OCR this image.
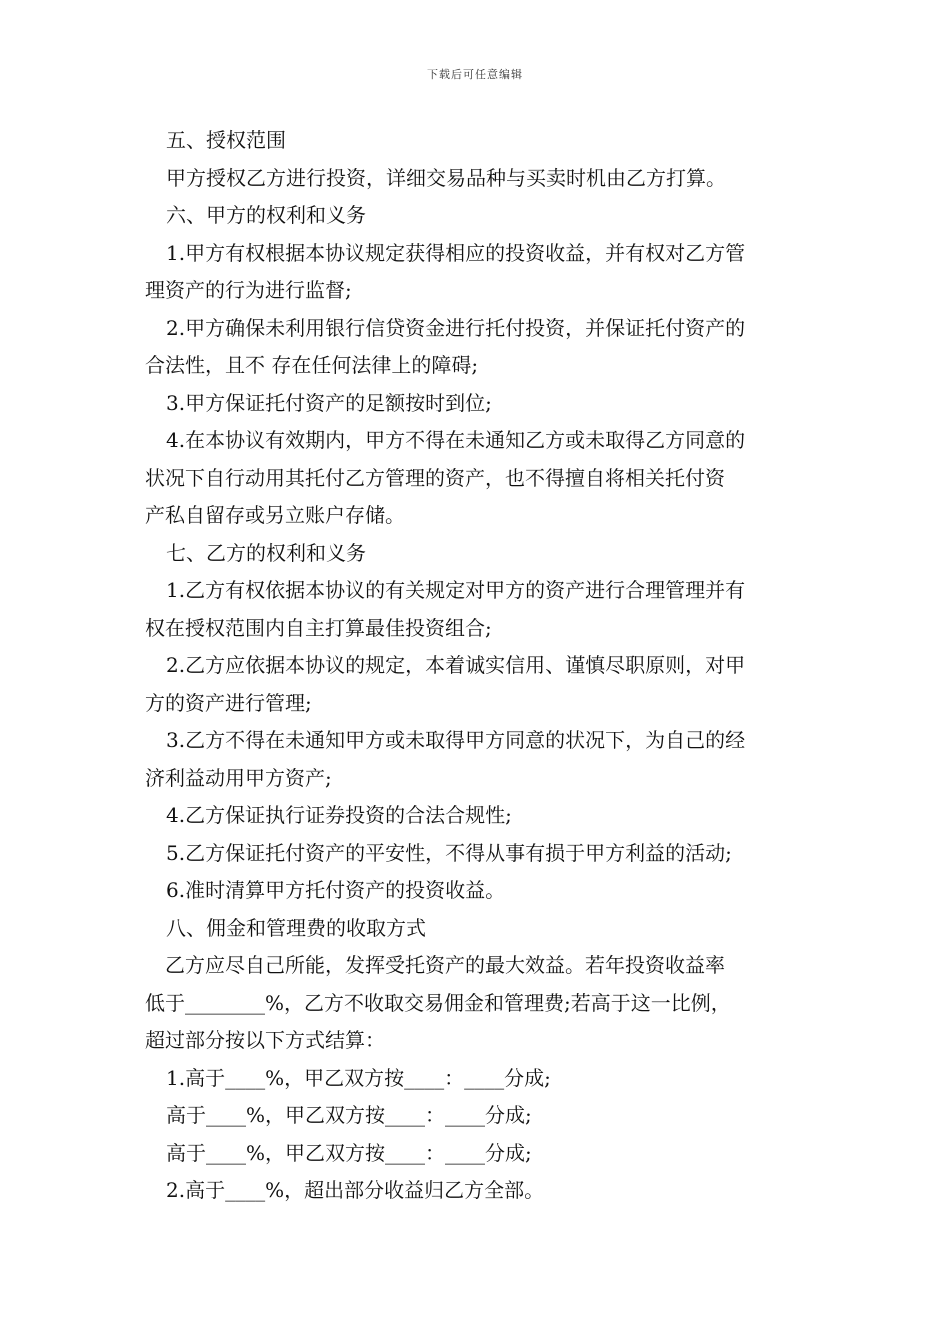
下载后可任意编辑
五、授权范围
甲方授权乙方进行投资，详细交易品种与买卖时机由乙方打算。
六、甲方的权利和义务
1.甲方有权根据本协议规定获得相应的投资收益，并有权对乙方管
理资产的行为进行监督;
2.甲方确保未利用银行信贷资金进行托付投资，并保证托付资产的
合法性，且不 存在任何法律上的障碍;
3.甲方保证托付资产的足额按时到位;
4.在本协议有效期内，甲方不得在未通知乙方或未取得乙方同意的
状况下自行动用其托付乙方管理的资产，也不得擅自将相关托付资
产私自留存或另立账户存储。
七、乙方的权利和义务
1.乙方有权依据本协议的有关规定对甲方的资产进行合理管理并有
权在授权范围内自主打算最佳投资组合;
2.乙方应依据本协议的规定，本着诚实信用、谨慎尽职原则，对甲
方的资产进行管理;
3.乙方不得在未通知甲方或未取得甲方同意的状况下，为自己的经
济利益动用甲方资产;
4.乙方保证执行证券投资的合法合规性;
5.乙方保证托付资产的平安性，不得从事有损于甲方利益的活动;
6.准时清算甲方托付资产的投资收益。
八、佣金和管理费的收取方式
乙方应尽自己所能，发挥受托资产的最大效益。若年投资收益率
低于________%，乙方不收取交易佣金和管理费;若高于这一比例，
超过部分按以下方式结算：
1.高于____%，甲乙双方按____：____分成;
高于____%，甲乙双方按____：____分成;
高于____%，甲乙双方按____：____分成;
2.高于____%，超出部分收益归乙方全部。
